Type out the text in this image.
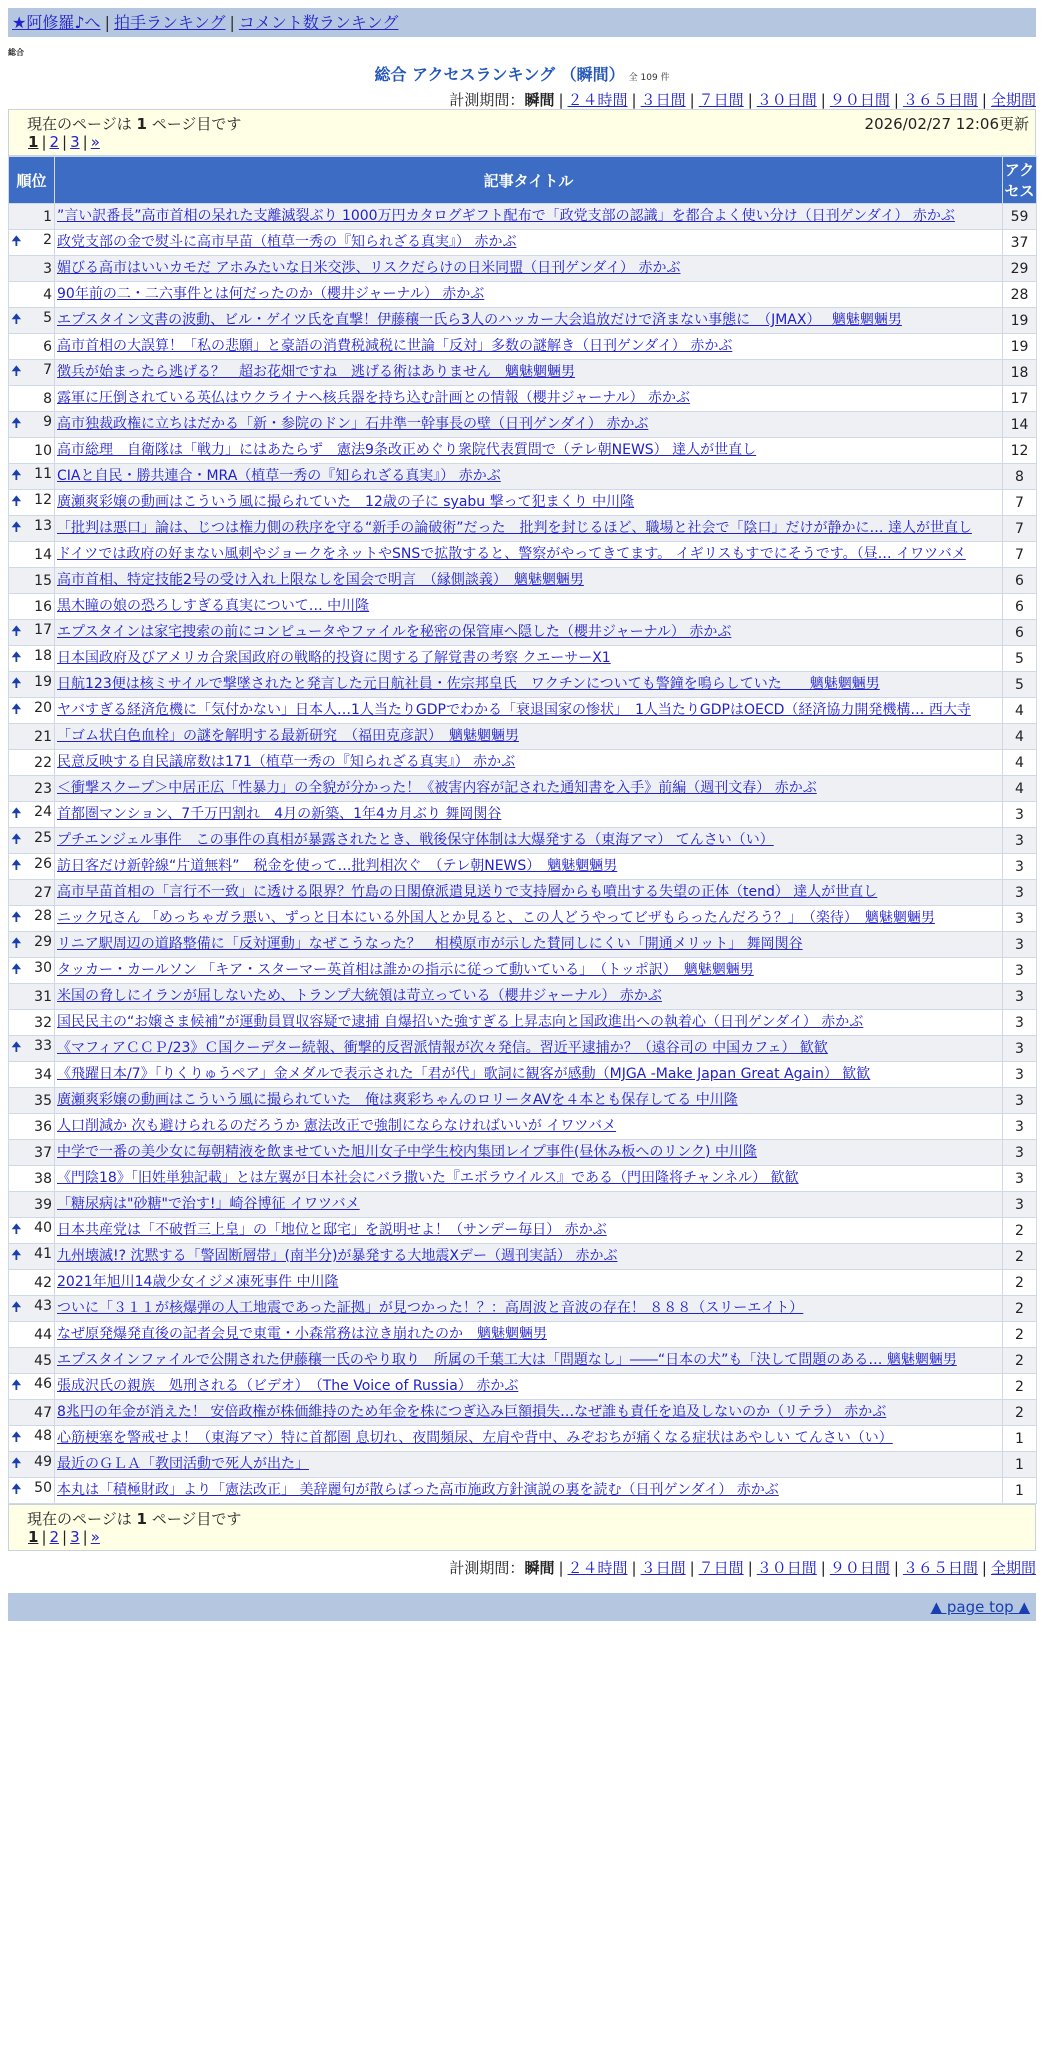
★阿修羅♪へ | 拍手ランキング | コメント数ランキング
総合
総合 アクセスランキング （瞬間） 全 109 件
計測期間：瞬間 | ２４時間 | ３日間 | ７日間 | ３０日間 | ９０日間 | ３６５日間 | 全期間
現在のページは 1 ページ目です	2026/02/27 12:06更新
1 | 2 | 3 | »
順位	記事タイトル	アクセス
1	”言い訳番長”高市首相の呆れた支離滅裂ぶり 1000万円カタログギフト配布で「政党支部の認識」を都合よく使い分け（日刊ゲンダイ） 赤かぶ	59

🠉 2	政党支部の金で熨斗に高市早苗（植草一秀の『知られざる真実』） 赤かぶ	37
3	媚びる高市はいいカモだ アホみたいな日米交渉、リスクだらけの日米同盟（日刊ゲンダイ） 赤かぶ	29
4	90年前の二・二六事件とは何だったのか（櫻井ジャーナル） 赤かぶ	28

🠉 5	エプスタイン文書の波動、ビル・ゲイツ氏を直撃！伊藤穰一氏ら3人のハッカー大会追放だけで済まない事態に　（JMAX）　 魑魅魍魎男	19
6	高市首相の大誤算！「私の悲願」と豪語の消費税減税に世論「反対」多数の謎解き（日刊ゲンダイ） 赤かぶ	19

🠉 7	徴兵が始まったら逃げる？　超お花畑ですね　逃げる術はありません　魑魅魍魎男	18
8	露軍に圧倒されている英仏はウクライナへ核兵器を持ち込む計画との情報（櫻井ジャーナル） 赤かぶ	17

🠉 9	高市独裁政権に立ちはだかる「新・参院のドン」石井準一幹事長の壁（日刊ゲンダイ） 赤かぶ	14
10	高市総理　自衛隊は「戦力」にはあたらず　憲法9条改正めぐり衆院代表質問で（テレ朝NEWS） 達人が世直し	12

🠉 11	CIAと自民・勝共連合・MRA（植草一秀の『知られざる真実』） 赤かぶ	8

🠉 12	廣瀬爽彩嬢の動画はこういう風に撮られていた　12歳の子に syabu 撃って犯まくり 中川隆	7

🠉 13	「批判は悪口」論は、じつは権力側の秩序を守る“新手の論破術”だった　批判を封じるほど、職場と社会で「陰口」だけが静かに… 達人が世直し	7
14	ドイツでは政府の好まない風刺やジョークをネットやSNSで拡散すると、警察がやってきてます。 イギリスもすでにそうです。（昼… イワツバメ	7
15	高市首相、特定技能2号の受け入れ上限なしを国会で明言　（縁側談義）　魑魅魍魎男	6
16	黒木瞳の娘の恐ろしすぎる真実について… 中川隆	6

🠉 17	エプスタインは家宅捜索の前にコンピュータやファイルを秘密の保管庫へ隠した（櫻井ジャーナル） 赤かぶ	6

🠉 18	日本国政府及びアメリカ合衆国政府の戦略的投資に関する了解覚書の考察 クエーサーX1	5

🠉 19	日航123便は核ミサイルで撃墜されたと発言した元日航社員・佐宗邦皇氏　ワクチンについても警鐘を鳴らしていた　　魑魅魍魎男	5

🠉 20	ヤバすぎる経済危機に「気付かない」日本人…1人当たりGDPでわかる「衰退国家の惨状」　1人当たりGDPはOECD（経済協力開発機構… 西大寺	4
21	「ゴム状白色血栓」の謎を解明する最新研究　（福田克彦訳）　魑魅魍魎男	4
22	民意反映する自民議席数は171（植草一秀の『知られざる真実』） 赤かぶ	4
23	＜衝撃スクープ＞中居正広「性暴力」の全貌が分かった！《被害内容が記された通知書を入手》前編（週刊文春） 赤かぶ	4

🠉 24	首都圏マンション、7千万円割れ　4月の新築、1年4カ月ぶり 舞岡関谷	3

🠉 25	プチエンジェル事件　この事件の真相が暴露されたとき、戦後保守体制は大爆発する（東海アマ） てんさい（い）	3

🠉 26	訪日客だけ新幹線“片道無料”　税金を使って…批判相次ぐ　（テレ朝NEWS）　魑魅魍魎男	3
27	高市早苗首相の「言行不一致」に透ける限界？竹島の日閣僚派遣見送りで支持層からも噴出する失望の正体（tend） 達人が世直し	3

🠉 28	ニック兄さん 「めっちゃガラ悪い、ずっと日本にいる外国人とか見ると、この人どうやってビザもらったんだろう？」　（楽待）　魑魅魍魎男	3

🠉 29	リニア駅周辺の道路整備に「反対運動」なぜこうなった？　相模原市が示した賛同しにくい「開通メリット」 舞岡関谷	3

🠉 30	タッカー・カールソン 「キア・スターマー英首相は誰かの指示に従って動いている」　（トッポ訳）　魑魅魍魎男	3
31	米国の脅しにイランが屈しないため、トランプ大統領は苛立っている（櫻井ジャーナル） 赤かぶ	3
32	国民民主の“お嬢さま候補”が運動員買収容疑で逮捕 自爆招いた強すぎる上昇志向と国政進出への執着心（日刊ゲンダイ） 赤かぶ	3

🠉 33	《マフィアＣＣＰ/23》Ｃ国クーデター続報、衝撃的反習派情報が次々発信。習近平逮捕か？（遠谷司の 中国カフェ） 歓歓	3
34	《飛躍日本/7》「りくりゅうペア」金メダルで表示された「君が代」歌詞に観客が感動（MJGA -Make Japan Great Again） 歓歓	3
35	廣瀬爽彩嬢の動画はこういう風に撮られていた　俺は爽彩ちゃんのロリータAVを４本とも保存してる 中川隆	3
36	人口削減か 次も避けられるのだろうか 憲法改正で強制にならなければいいが イワツバメ	3
37	中学で一番の美少女に毎朝精液を飲ませていた旭川女子中学生校内集団レイプ事件(昼休み板へのリンク) 中川隆	3
38	《門陰18》「旧姓単独記載」とは左翼が日本社会にバラ撒いた『エボラウイルス』である（門田隆将チャンネル） 歓歓	3
39	「糖尿病は"砂糖"で治す!」崎谷博征 イワツバメ	3

🠉 40	日本共産党は「不破哲三上皇」の「地位と邸宅」を説明せよ！（サンデー毎日） 赤かぶ	2

🠉 41	九州壊滅!? 沈黙する「警固断層帯」(南半分)が暴発する大地震Xデー（週刊実話） 赤かぶ	2
42	2021年旭川14歳少女イジメ凍死事件 中川隆	2

🠉 43	ついに「３１１が核爆弾の人工地震であった証拠」が見つかった！？：高周波と音波の存在！ ８８８（スリーエイト）	2
44	なぜ原発爆発直後の記者会見で東電・小森常務は泣き崩れたのか　魑魅魍魎男	2
45	エプスタインファイルで公開された伊藤穰一氏のやり取り　所属の千葉工大は「問題なし」――“日本の犬”も「決して問題のある… 魑魅魍魎男	2

🠉 46	張成沢氏の親族　処刑される（ビデオ）　（The Voice of Russia） 赤かぶ	2
47	8兆円の年金が消えた！ 安倍政権が株価維持のため年金を株につぎ込み巨額損失…なぜ誰も責任を追及しないのか（リテラ） 赤かぶ	2

🠉 48	心筋梗塞を警戒せよ！（東海アマ）特に首都圏 息切れ、夜間頻尿、左肩や背中、みぞおちが痛くなる症状はあやしい てんさい（い）	1

🠉 49	最近のＧＬＡ「教団活動で死人が出た」	1

🠉 50	本丸は「積極財政」より「憲法改正」 美辞麗句が散らばった高市施政方針演説の裏を読む（日刊ゲンダイ） 赤かぶ	1
現在のページは 1 ページ目です
1 | 2 | 3 | »
計測期間：瞬間 | ２４時間 | ３日間 | ７日間 | ３０日間 | ９０日間 | ３６５日間 | 全期間
▲ page top ▲
